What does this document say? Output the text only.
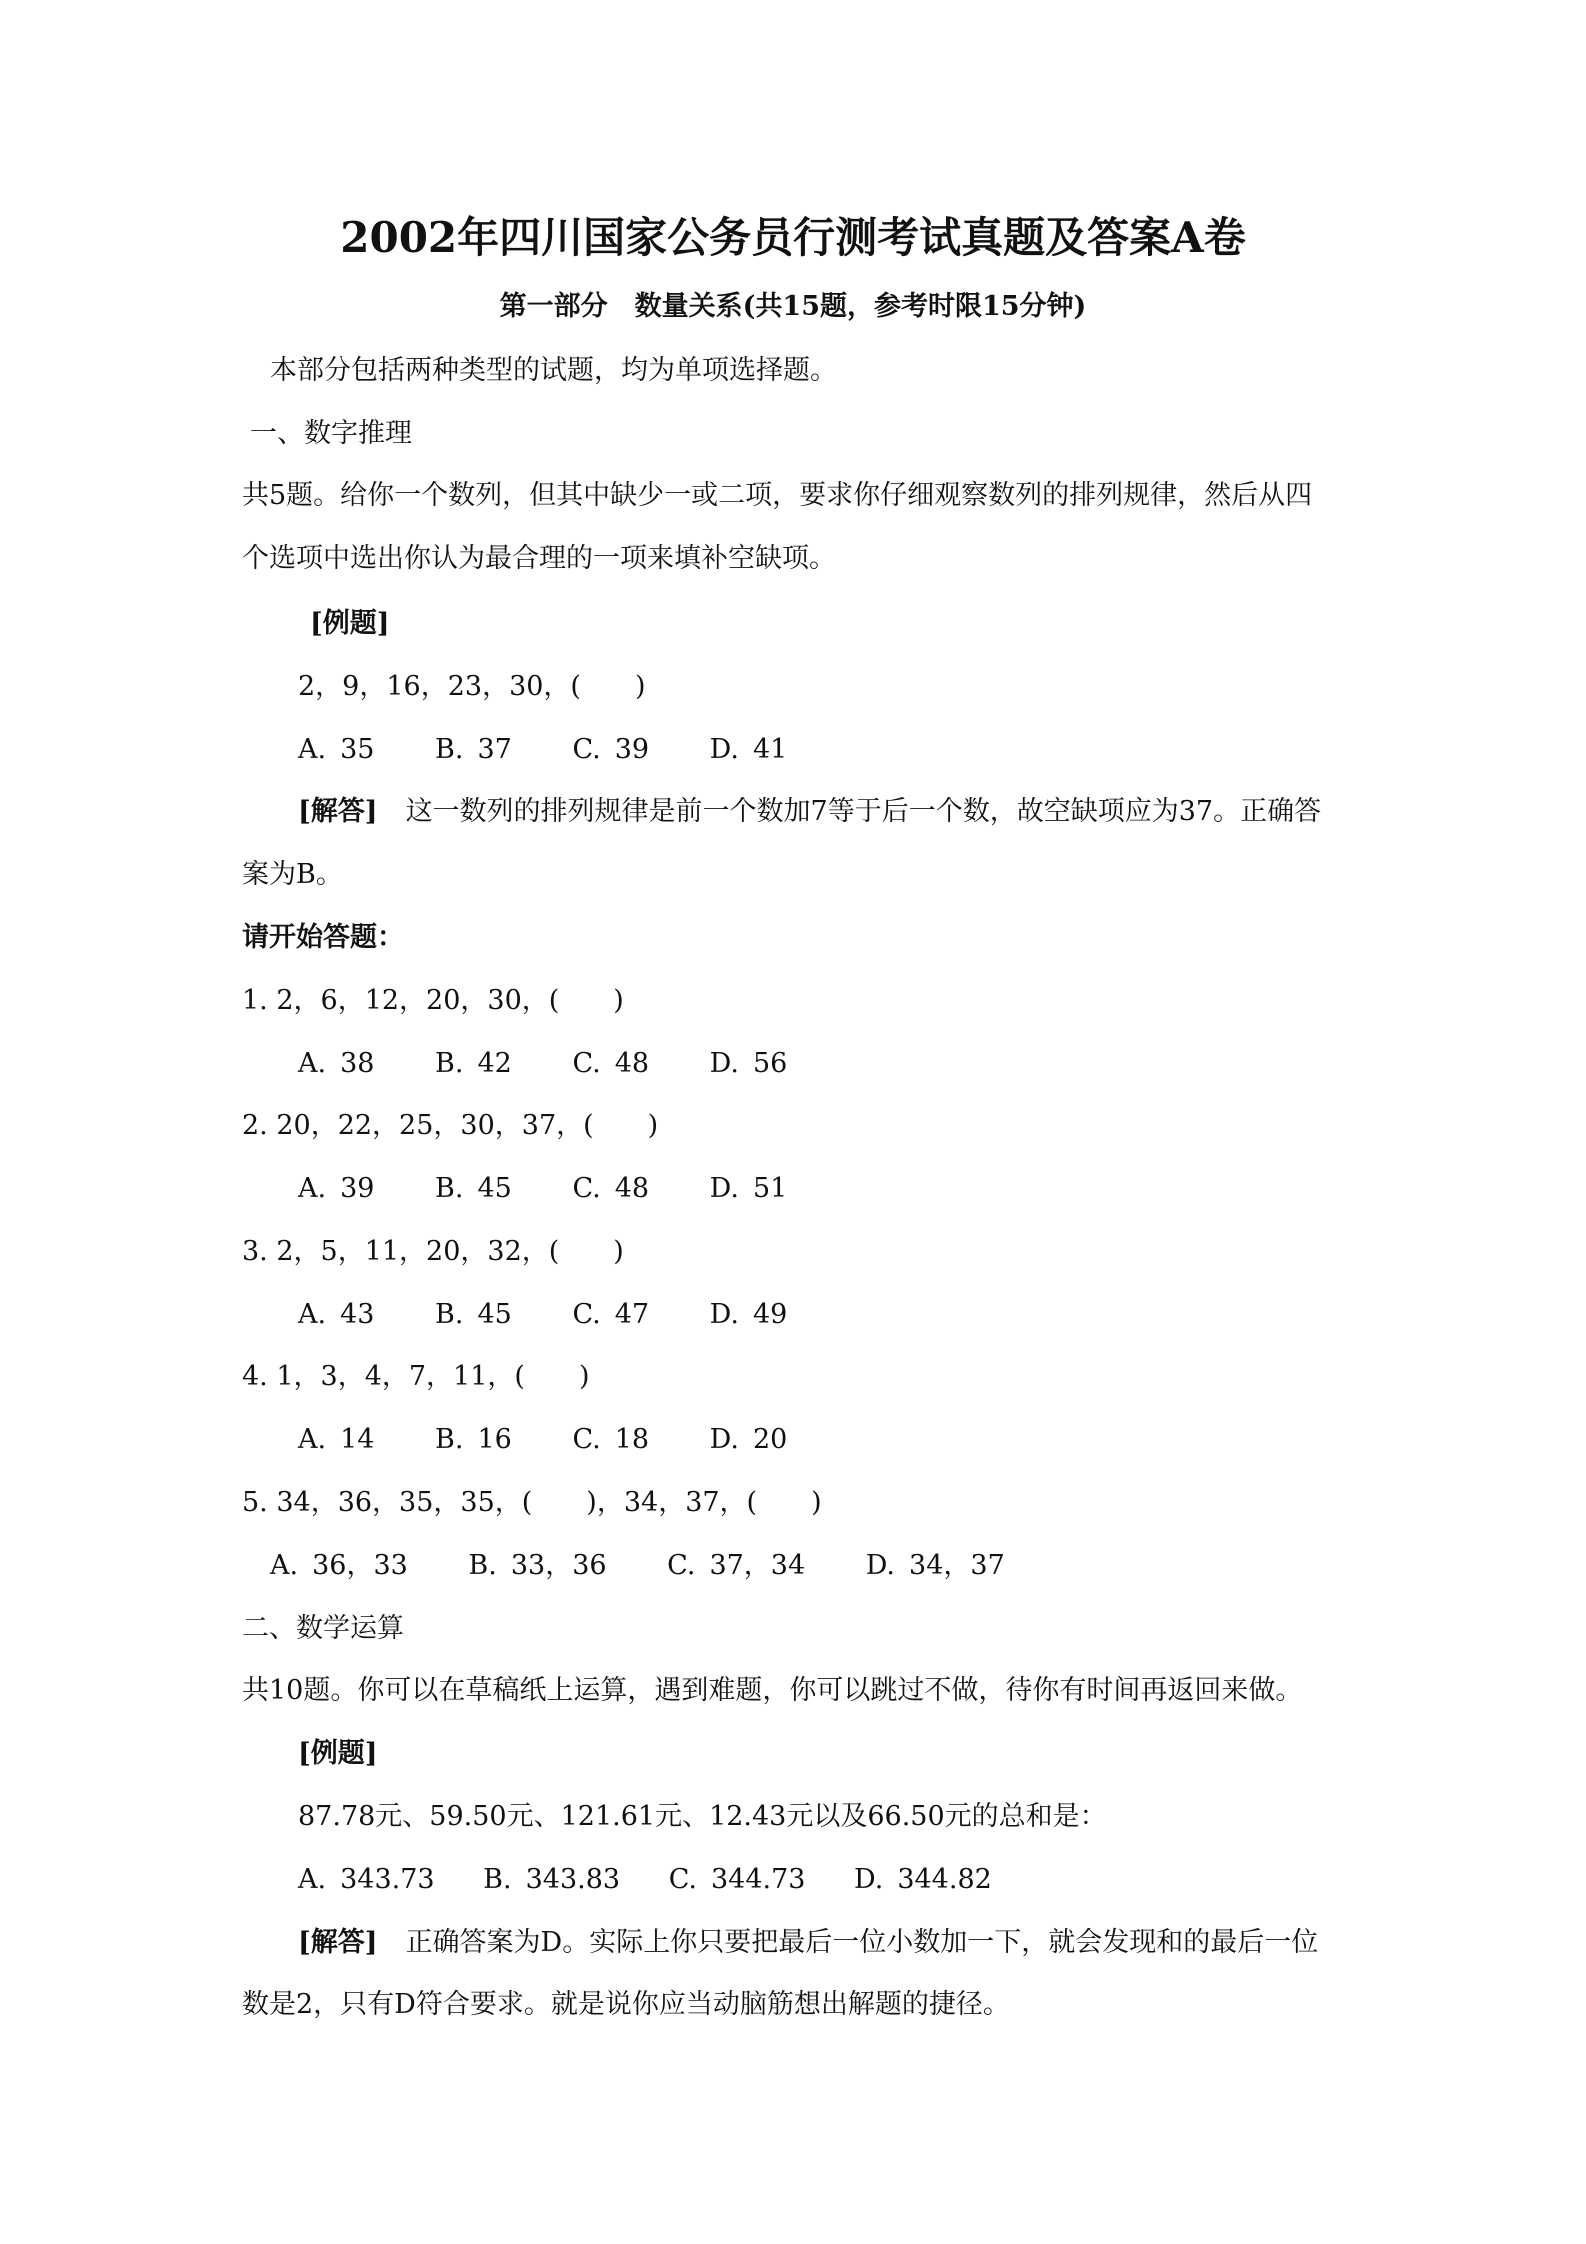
2002年四川国家公务员行测考试真题及答案A卷
第一部分　数量关系(共15题，参考时限15分钟)
本部分包括两种类型的试题，均为单项选择题。
一、数字推理
共5题。给你一个数列，但其中缺少一或二项，要求你仔细观察数列的排列规律，然后从四
个选项中选出你认为最合理的一项来填补空缺项。
[例题]
2，9，16，23，30，(　　)
A. 35 B. 37 C. 39 D. 41
[解答] 这一数列的排列规律是前一个数加7等于后一个数，故空缺项应为37。正确答
案为B。
请开始答题：
1. 2，6，12，20，30，(　　)
A. 38 B. 42 C. 48 D. 56
2. 20，22，25，30，37，(　　)
A. 39 B. 45 C. 48 D. 51
3. 2，5，11，20，32，(　　)
A. 43 B. 45 C. 47 D. 49
4. 1，3，4，7，11，(　　)
A. 14 B. 16 C. 18 D. 20
5. 34，36，35，35，(　　)，34，37，(　　)
A. 36，33 B. 33，36 C. 37，34 D. 34，37
二、数学运算
共10题。你可以在草稿纸上运算，遇到难题，你可以跳过不做，待你有时间再返回来做。
[例题]
87.78元、59.50元、121.61元、12.43元以及66.50元的总和是：
A. 343.73 B. 343.83 C. 344.73 D. 344.82
[解答] 正确答案为D。实际上你只要把最后一位小数加一下，就会发现和的最后一位
数是2，只有D符合要求。就是说你应当动脑筋想出解题的捷径。
